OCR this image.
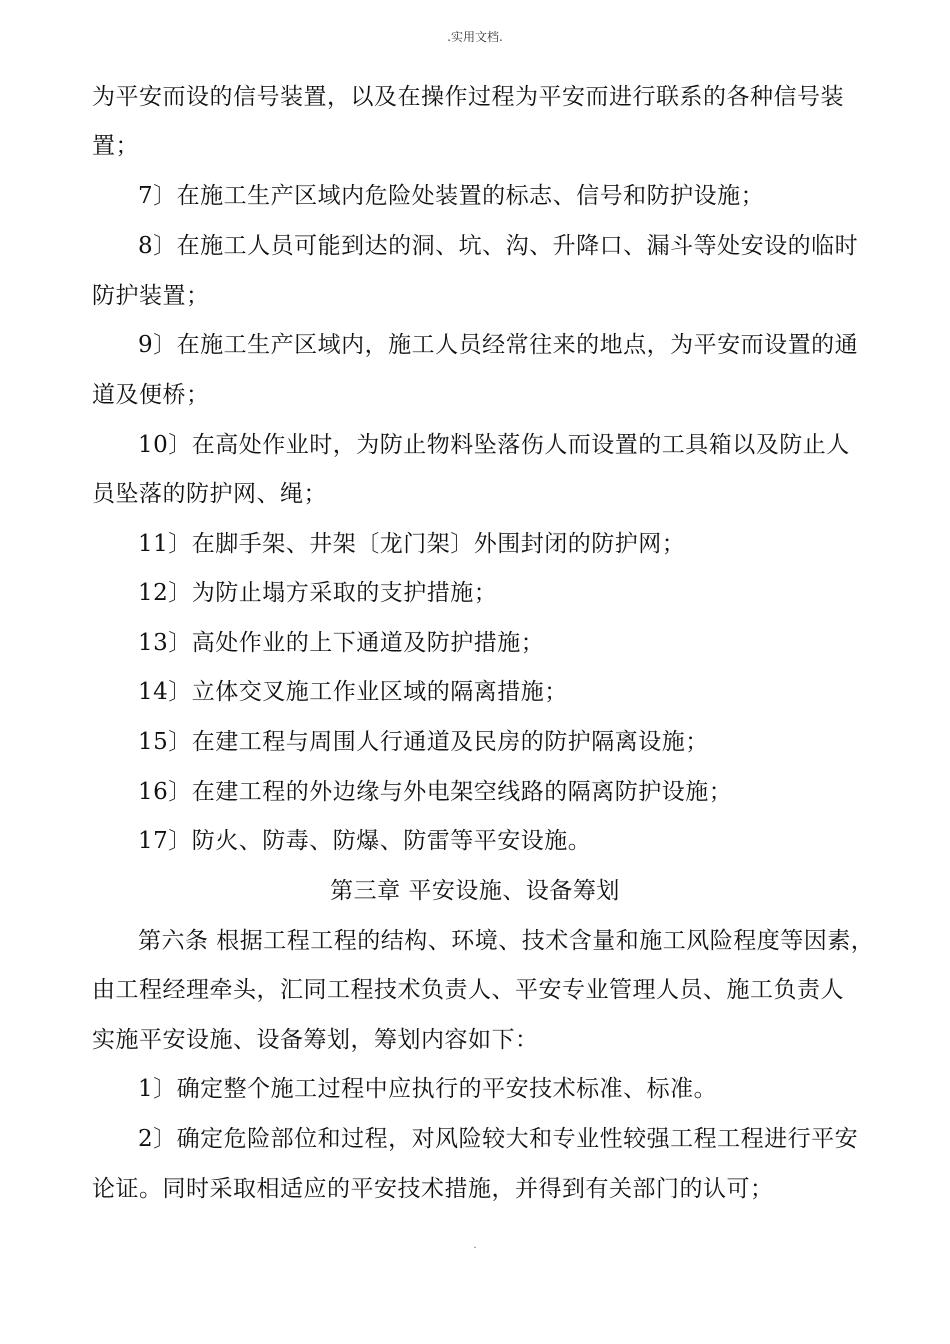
.实用文档.
为平安而设的信号装置，以及在操作过程为平安而进行联系的各种信号装
置；
7〕在施工生产区域内危险处装置的标志、信号和防护设施；
8〕在施工人员可能到达的洞、坑、沟、升降口、漏斗等处安设的临时
防护装置；
9〕在施工生产区域内，施工人员经常往来的地点，为平安而设置的通
道及便桥；
10〕在高处作业时，为防止物料坠落伤人而设置的工具箱以及防止人
员坠落的防护网、绳；
11〕在脚手架、井架〔龙门架〕外围封闭的防护网；
12〕为防止塌方采取的支护措施；
13〕高处作业的上下通道及防护措施；
14〕立体交叉施工作业区域的隔离措施；
15〕在建工程与周围人行通道及民房的防护隔离设施；
16〕在建工程的外边缘与外电架空线路的隔离防护设施；
17〕防火、防毒、防爆、防雷等平安设施。
第三章 平安设施、设备筹划
第六条 根据工程工程的结构、环境、技术含量和施工风险程度等因素，
由工程经理牵头，汇同工程技术负责人、平安专业管理人员、施工负责人
实施平安设施、设备筹划，筹划内容如下：
1〕确定整个施工过程中应执行的平安技术标准、标准。
2〕确定危险部位和过程，对风险较大和专业性较强工程工程进行平安
论证。同时采取相适应的平安技术措施，并得到有关部门的认可；
.
